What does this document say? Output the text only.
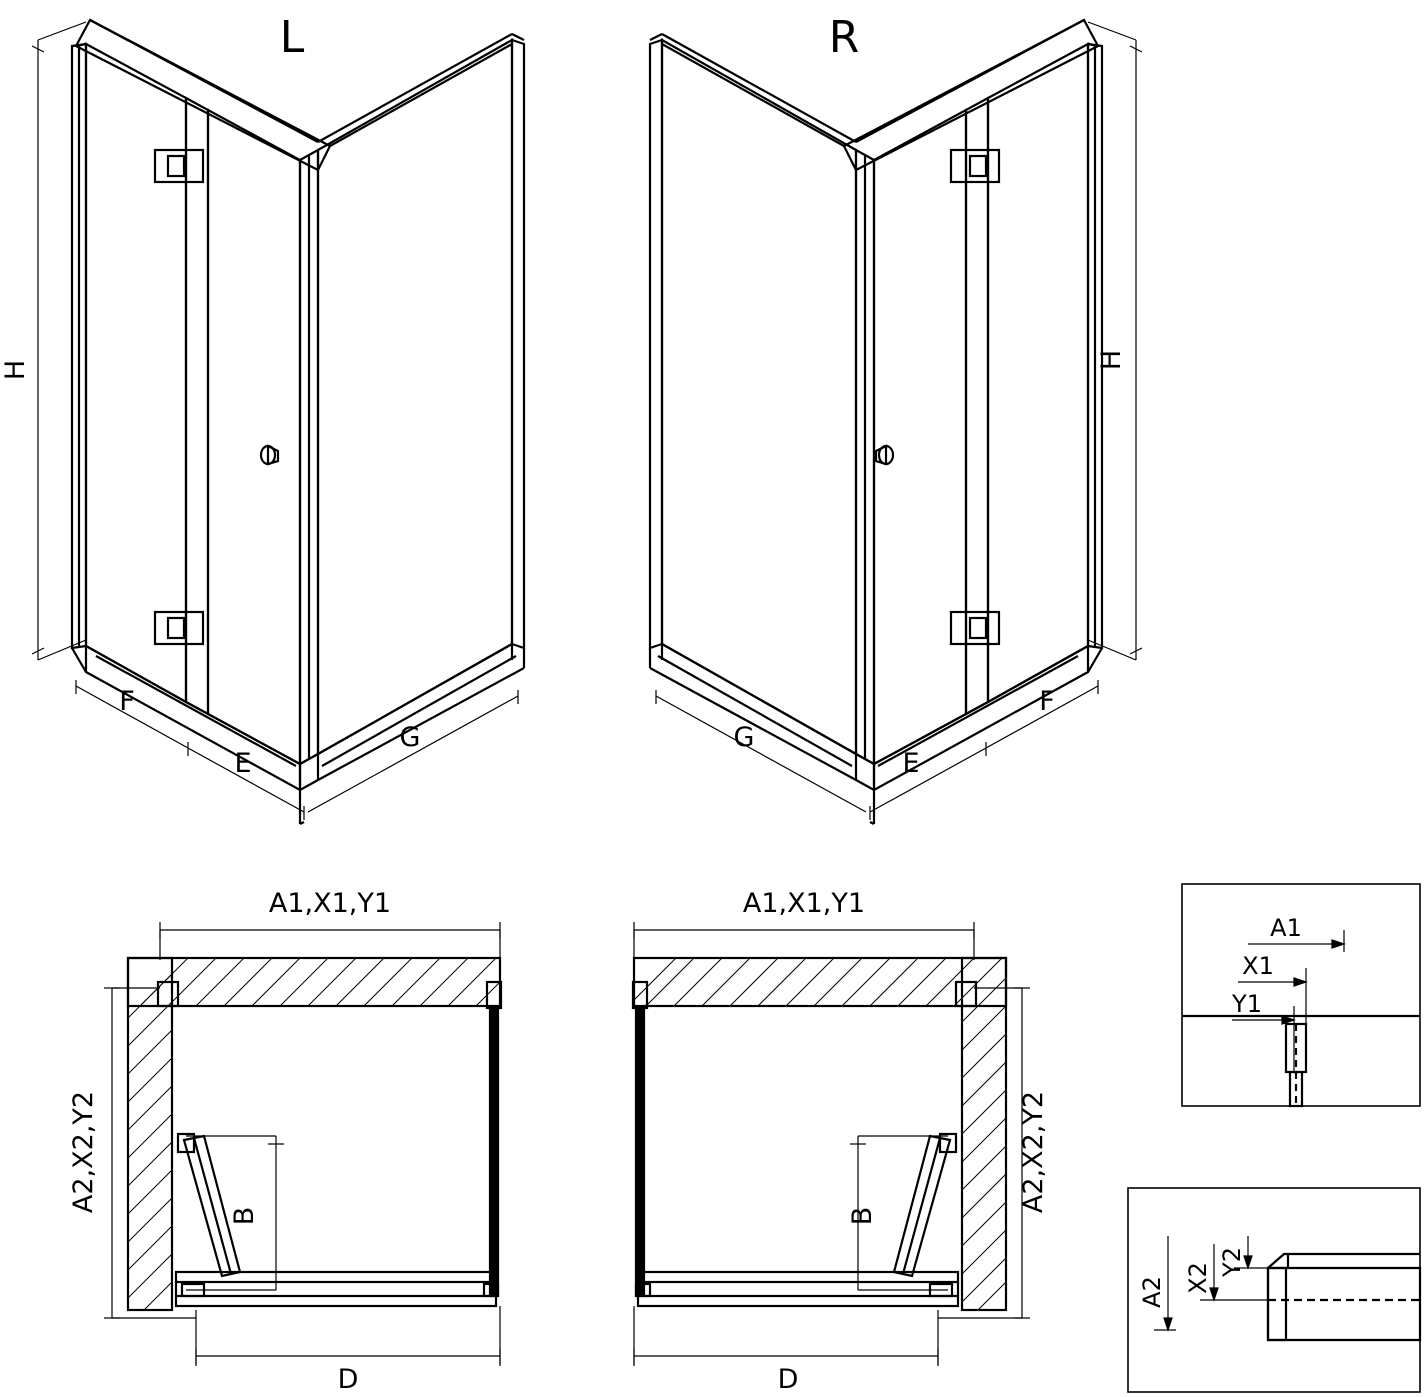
L	R
H	H
F
E
G
F
E
G
A1,X1,Y1	A1,X1,Y1
A2,X2,Y2	A2,X2,Y2
B	B
D	D
A1
X1
Y1
A2 X2
Y2
